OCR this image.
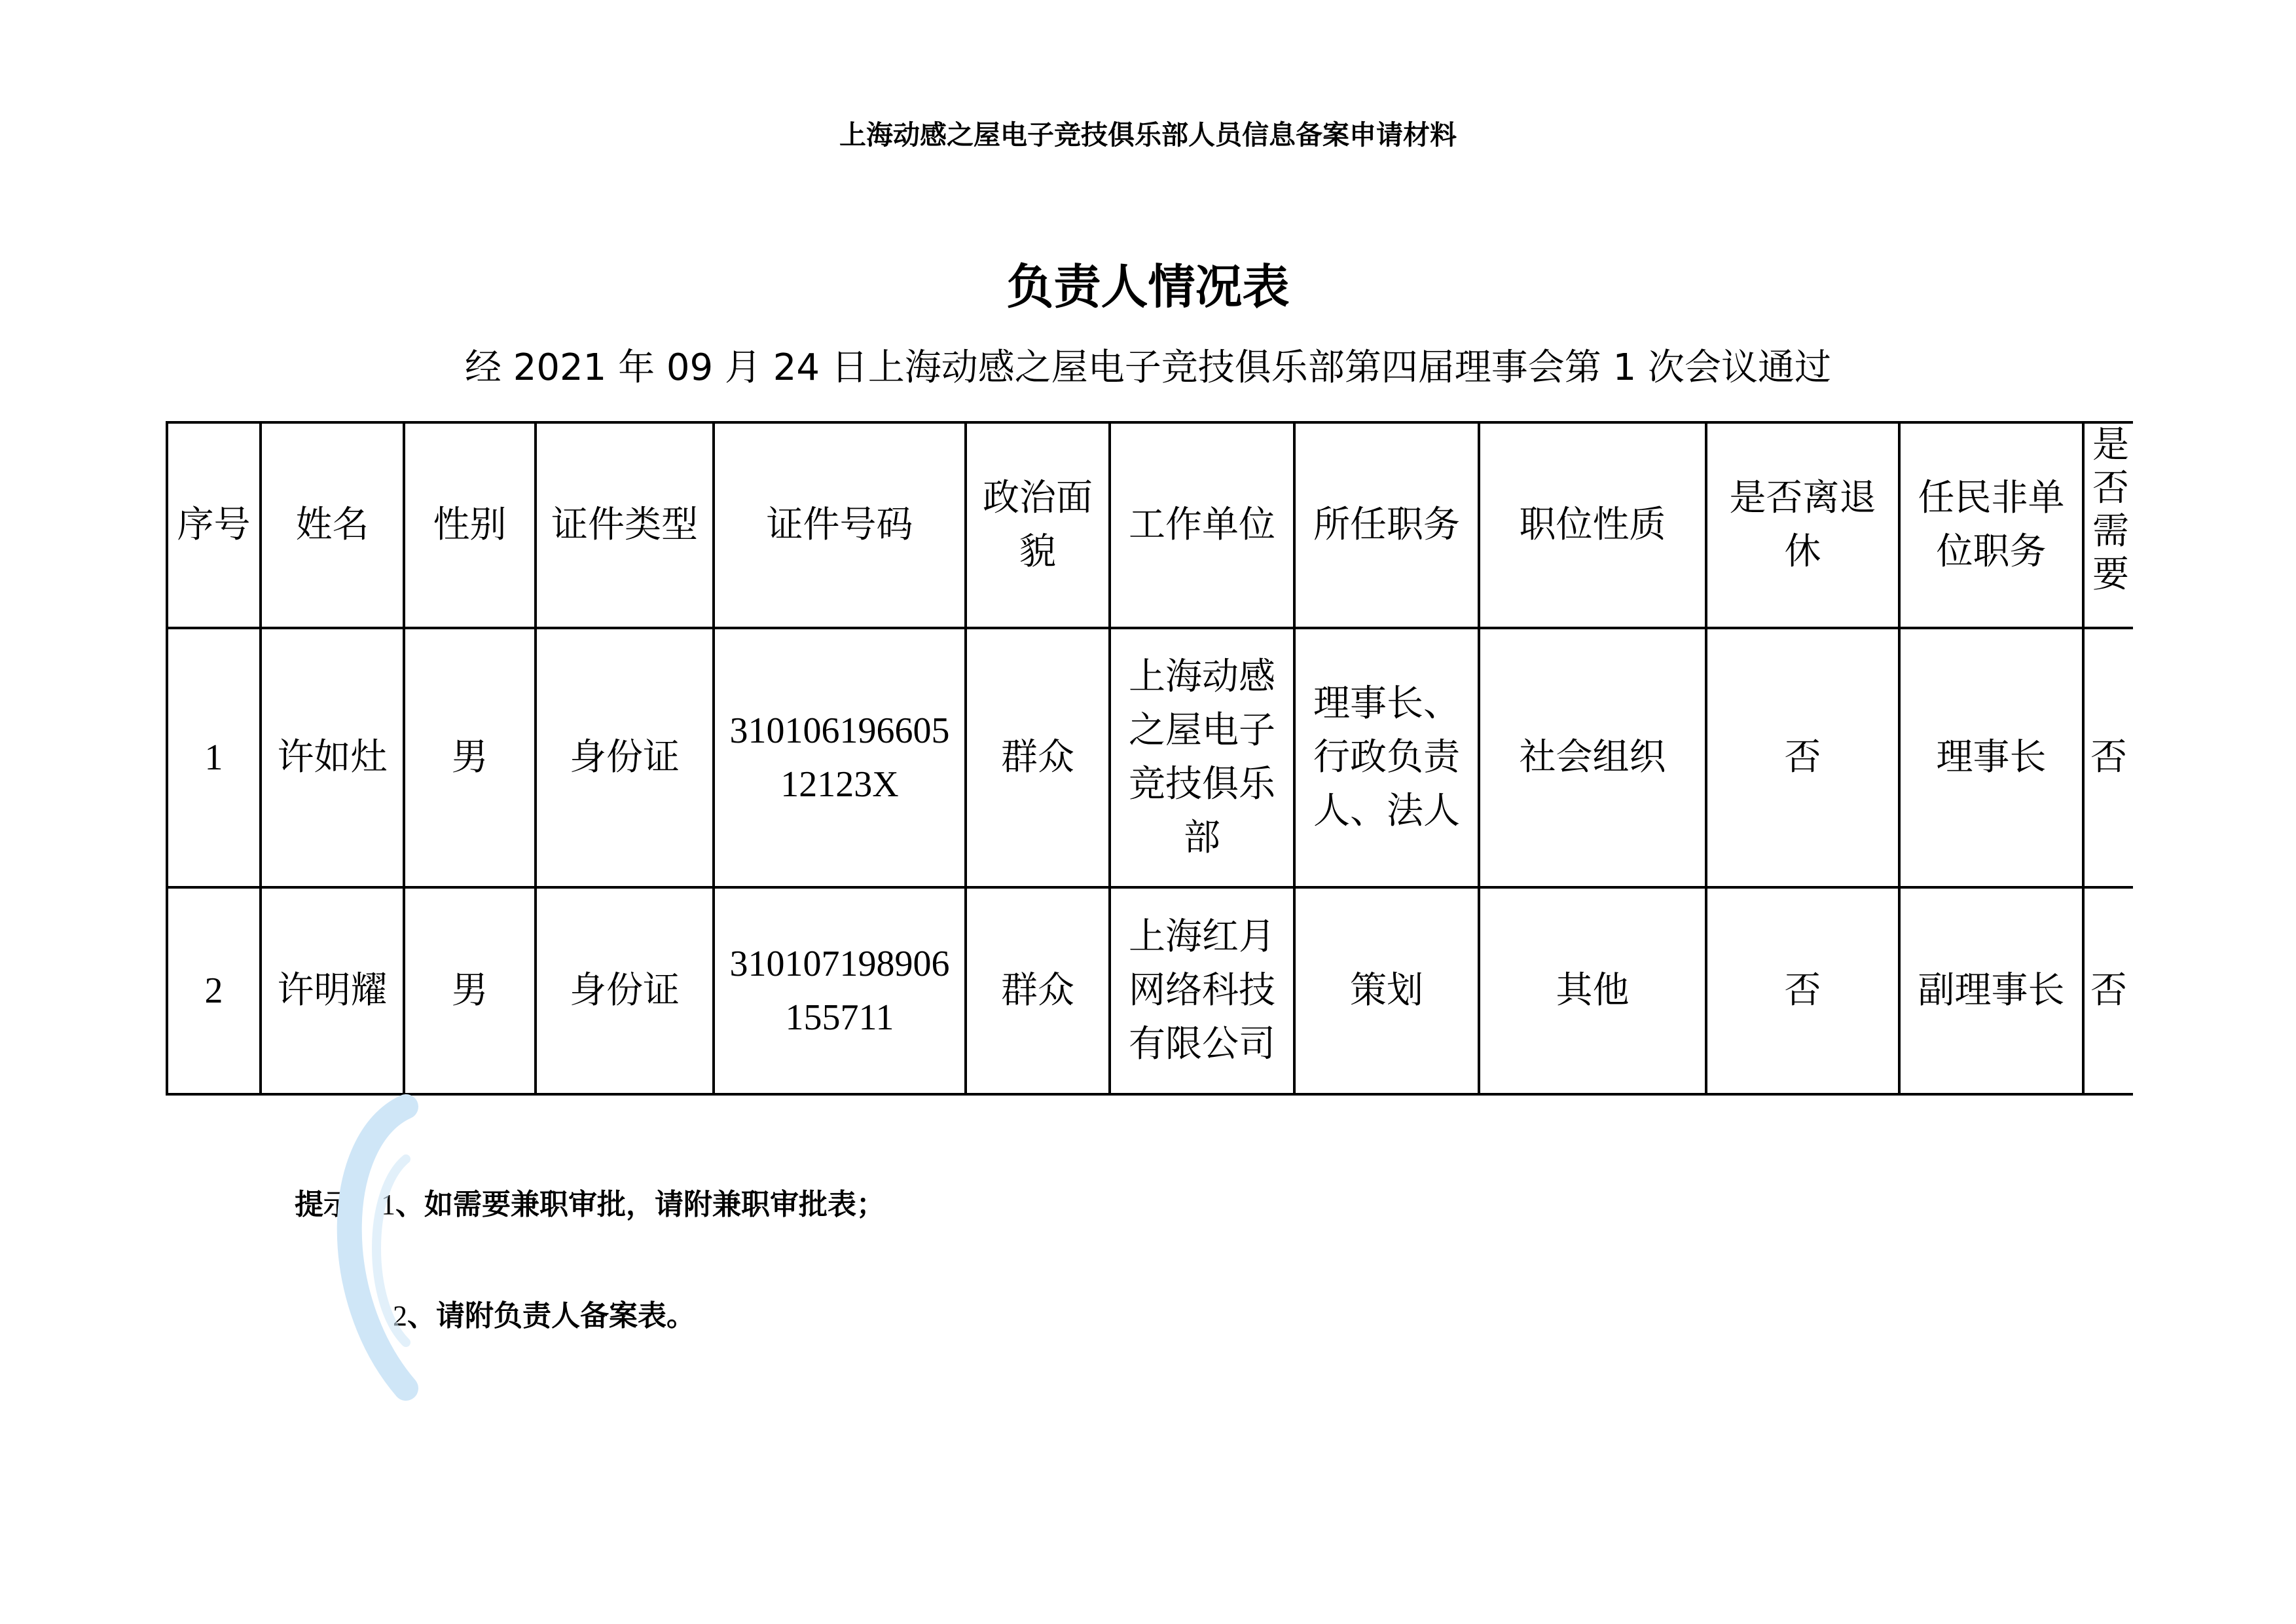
上海动感之屋电子竞技俱乐部人员信息备案申请材料
负责人情况表

经 2021 年 09 月 24 日上海动感之屋电子竞技俱乐部第四届理事会第 1 次会议通过

序号	姓名	性别	证件类型	证件号码	政治面貌	工作单位	所任职务	职位性质	是否离退休	任民非单位职务	是否需要

1	许如灶	男	身份证	31010619660512123X	群众	上海动感之屋电子竞技俱乐部	理事长、行政负责人、法人	社会组织	否	理事长	否
2	许明耀	男	身份证	310107198906155711	群众	上海红月网络科技有限公司	策划	其他	否	副理事长	否

提示：1、如需要兼职审批，请附兼职审批表；

2、请附负责人备案表。
